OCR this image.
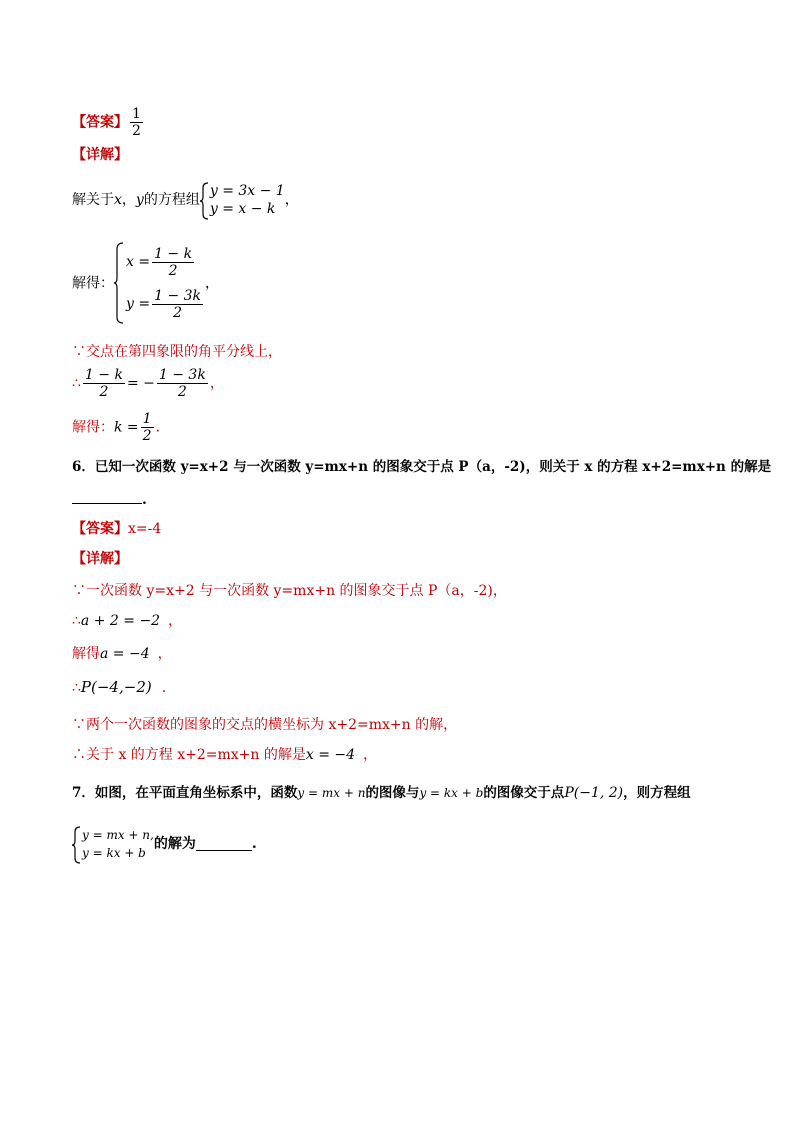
【答案】 $\frac{1}{2}$
【详解】
解关于x，y的方程组
y = 3x − 1
y = x − k
，
解得：
$x = \frac{1 - k}{2}$
$y = \frac{1 - 3k}{2}$
，
∵交点在第四象限的角平分线上，
∴ $\frac{1 - k}{2}$ = − $\frac{1 - 3k}{2}$ ，
解得：$k = \frac{1}{2}$ .
6．已知一次函数 y=x+2 与一次函数 y=mx+n 的图象交于点 P（a，-2)，则关于 x 的方程 x+2=mx+n 的解是
.
【答案】x=-4
【详解】
∵一次函数 y=x+2 与一次函数 y=mx+n 的图象交于点 P（a，-2)，
∴a + 2 = −2 ，
解得a = −4 ，
∴P(−4,−2) .
∵两个一次函数的图象的交点的横坐标为 x+2=mx+n 的解，
∴关于 x 的方程 x+2=mx+n 的解是x = −4 ，
7．如图，在平面直角坐标系中，函数y = mx + n的图像与y = kx + b的图像交于点P(−1, 2)，则方程组
y = mx + n,
y = kx + b
的解为	.
